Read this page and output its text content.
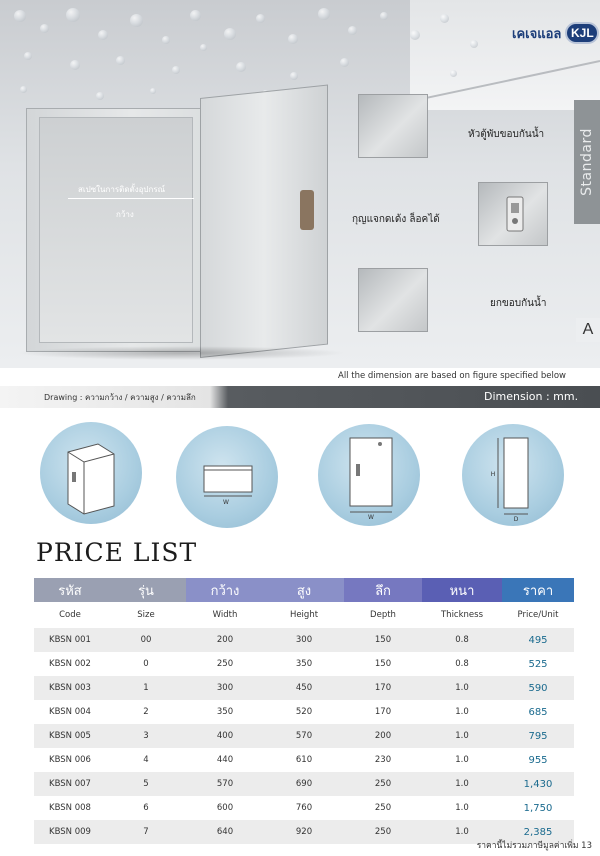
สเปซในการติดตั้งอุปกรณ์
กว้าง
หัวตู้พับขอบกันน้ำ
กุญแจกดเด้ง ล็อคได้
ยกขอบกันน้ำ
Standard
A
เคเจแอล KJL
All the dimension are based on figure specified below
Drawing : ความกว้าง / ความสูง / ความลึก	Dimension : mm.
W
W
H
D
PRICE LIST
รหัส	รุ่น	กว้าง	สูง	ลึก	หนา	ราคา
Code	Size	Width	Height	Depth	Thickness	Price/Unit
KBSN 001	00	200	300	150	0.8	495
KBSN 002	0	250	350	150	0.8	525
KBSN 003	1	300	450	170	1.0	590
KBSN 004	2	350	520	170	1.0	685
KBSN 005	3	400	570	200	1.0	795
KBSN 006	4	440	610	230	1.0	955
KBSN 007	5	570	690	250	1.0	1,430
KBSN 008	6	600	760	250	1.0	1,750
KBSN 009	7	640	920	250	1.0	2,385
ราคานี้ไม่รวมภาษีมูลค่าเพิ่ม 13
